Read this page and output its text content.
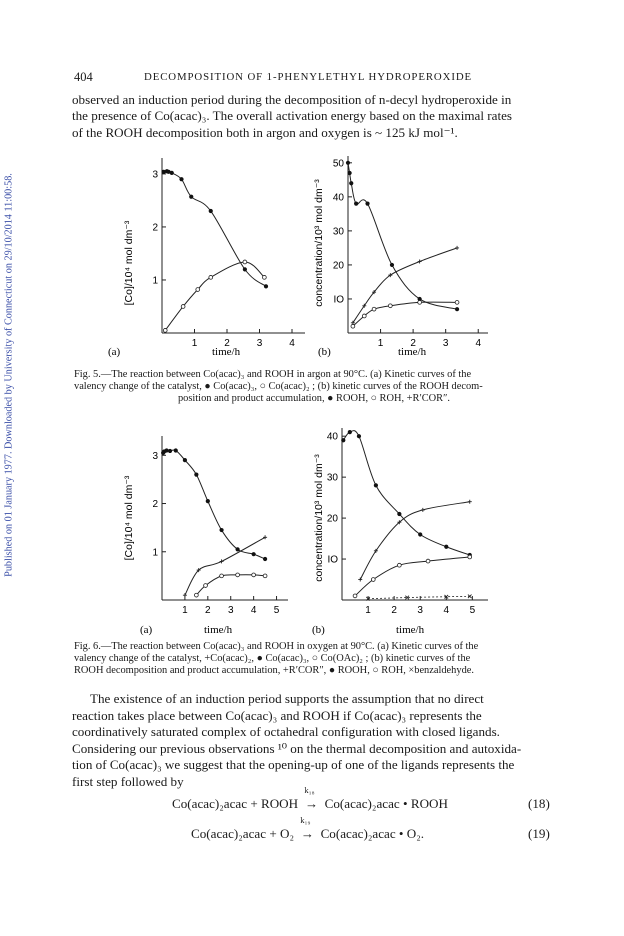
Published on 01 January 1977. Downloaded by University of Connecticut on 29/10/2014 11:00:58.
404	DECOMPOSITION OF 1-PHENYLETHYL HYDROPEROXIDE

observed an induction period during the decomposition of n-decyl hydroperoxide in

the presence of Co(acac)₃. The overall activation energy based on the maximal rates

of the ROOH decomposition both in argon and oxygen is ~ 125 kJ mol⁻¹.

1	2	3	4
1
2
3
time/h
(a)
[Co]/10⁴ mol dm⁻³
1	2	3	4
IO
20
30
40
50
time/h
(b)
concentration/10³ mol dm⁻³
Fig. 5.—The reaction between Co(acac)₃ and ROOH in argon at 90°C. (a) Kinetic curves of the
valency change of the catalyst, ● Co(acac)₃, ○ Co(acac)₂ ; (b) kinetic curves of the ROOH decom-
position and product accumulation, ● ROOH, ○ ROH, +R′COR″.
1 2 3 4 5
1
2
3
time/h
(a)
[Co]/10⁴ mol dm⁻³
1 2 3 4 5
IO
20
30
40
time/h
(b)
concentration/10³ mol dm⁻³
Fig. 6.—The reaction between Co(acac)₃ and ROOH in oxygen at 90°C. (a) Kinetic curves of the
valency change of the catalyst, +Co(acac)₂, ● Co(acac)₃, ○ Co(OAc)₂ ; (b) kinetic curves of the
ROOH decomposition and product accumulation, +R′COR″, ● ROOH, ○ ROH, ×benzaldehyde.

The existence of an induction period supports the assumption that no direct

reaction takes place between Co(acac)₃ and ROOH if Co(acac)₃ represents the

coordinatively saturated complex of octahedral configuration with closed ligands.

Considering our previous observations ¹⁰ on the thermal decomposition and autoxida-

tion of Co(acac)₃ we suggest that the opening-up of one of the ligands represents the

first step followed by

Co(acac)₂acac + ROOH
k₁₈
→ Co(acac)₂acac • ROOH	(18)
Co(acac)₂acac + O₂
k₁₉
→ Co(acac)₂acac • O₂.	(19)
